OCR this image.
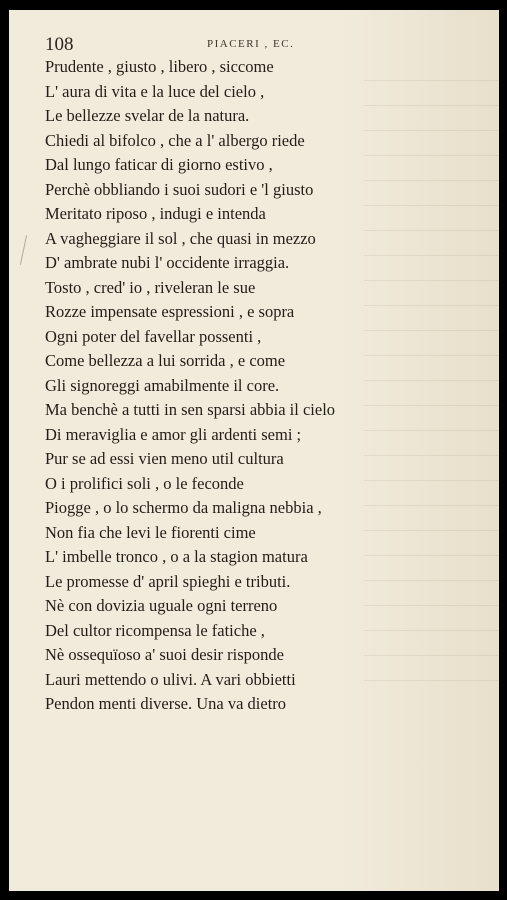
108	PIACERI , EC.
Prudente , giusto , libero , siccome
L' aura di vita e la luce del cielo ,
Le bellezze svelar de la natura.
Chiedi al bifolco , che a l' albergo riede
Dal lungo faticar di giorno estivo ,
Perchè obbliando i suoi sudori e 'l giusto
Meritato riposo , indugi e intenda
A vagheggiare il sol , che quasi in mezzo
D' ambrate nubi l' occidente irraggia.
Tosto , cred' io , riveleran le sue
Rozze impensate espressioni , e sopra
Ogni poter del favellar possenti ,
Come bellezza a lui sorrida , e come
Gli signoreggi amabilmente il core.
Ma benchè a tutti in sen sparsi abbia il cielo
Di meraviglia e amor gli ardenti semi ;
Pur se ad essi vien meno util cultura
O i prolifici soli , o le feconde
Piogge , o lo schermo da maligna nebbia ,
Non fia che levi le fiorenti cime
L' imbelle tronco , o a la stagion matura
Le promesse d' april spieghi e tributi.
Nè con dovizia uguale ogni terreno
Del cultor ricompensa le fatiche ,
Nè ossequïoso a' suoi desir risponde
Lauri mettendo o ulivi. A vari obbietti
Pendon menti diverse. Una va dietro
